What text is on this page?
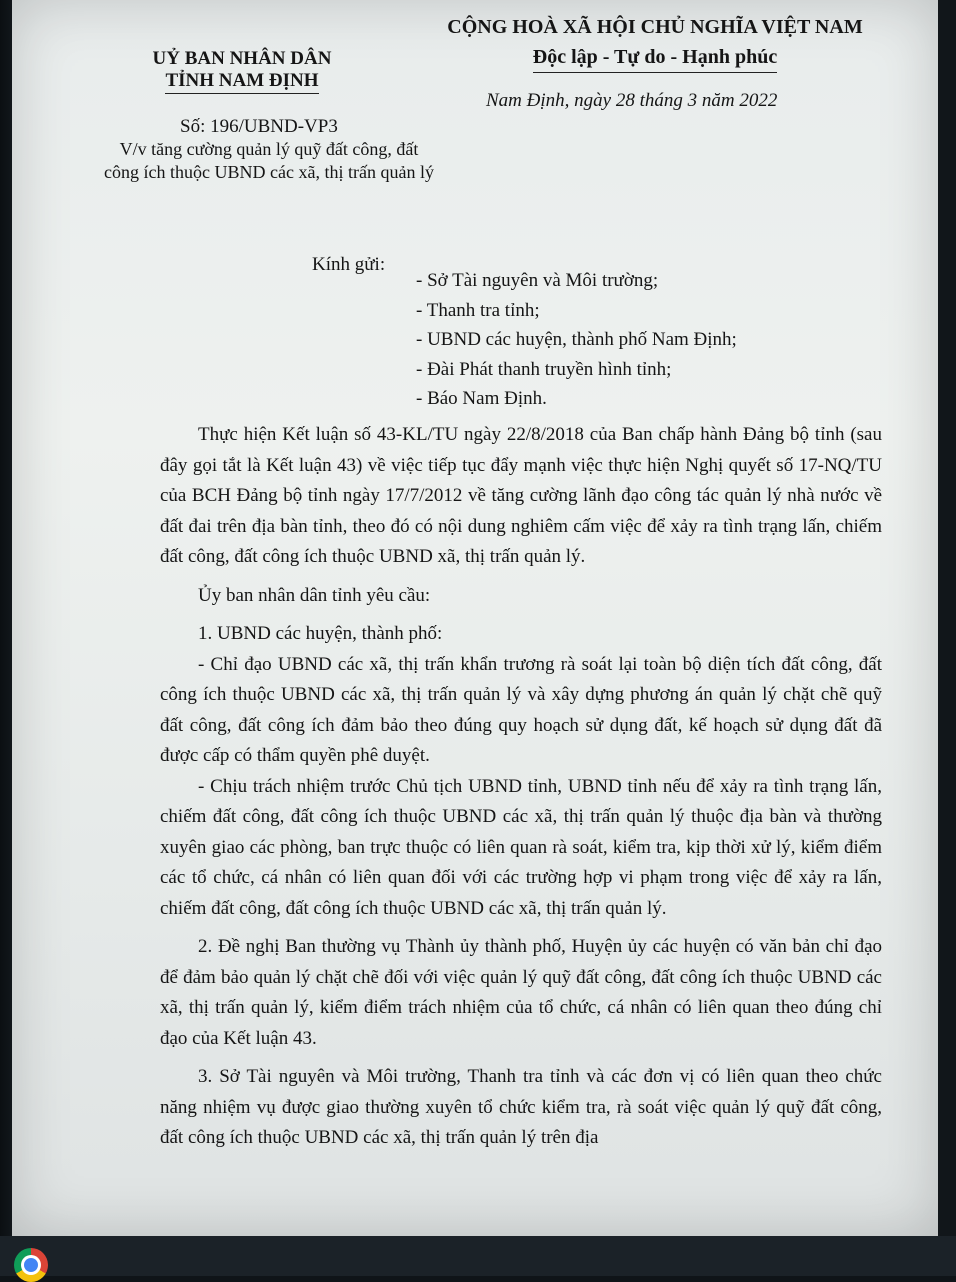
UỶ BAN NHÂN DÂN
TỈNH NAM ĐỊNH
CỘNG HOÀ XÃ HỘI CHỦ NGHĨA VIỆT NAM
Độc lập - Tự do - Hạnh phúc
Số: 196/UBND-VP3
V/v tăng cường quản lý quỹ đất công, đất công ích thuộc UBND các xã, thị trấn quản lý
Nam Định, ngày 28 tháng 3 năm 2022
Kính gửi:
- Sở Tài nguyên và Môi trường;
- Thanh tra tỉnh;
- UBND các huyện, thành phố Nam Định;
- Đài Phát thanh truyền hình tỉnh;
- Báo Nam Định.

Thực hiện Kết luận số 43-KL/TU ngày 22/8/2018 của Ban chấp hành Đảng bộ tỉnh (sau đây gọi tắt là Kết luận 43) về việc tiếp tục đẩy mạnh việc thực hiện Nghị quyết số 17-NQ/TU của BCH Đảng bộ tỉnh ngày 17/7/2012 về tăng cường lãnh đạo công tác quản lý nhà nước về đất đai trên địa bàn tỉnh, theo đó có nội dung nghiêm cấm việc để xảy ra tình trạng lấn, chiếm đất công, đất công ích thuộc UBND xã, thị trấn quản lý.

Ủy ban nhân dân tỉnh yêu cầu:

1. UBND các huyện, thành phố:

- Chỉ đạo UBND các xã, thị trấn khẩn trương rà soát lại toàn bộ diện tích đất công, đất công ích thuộc UBND các xã, thị trấn quản lý và xây dựng phương án quản lý chặt chẽ quỹ đất công, đất công ích đảm bảo theo đúng quy hoạch sử dụng đất, kế hoạch sử dụng đất đã được cấp có thẩm quyền phê duyệt.

- Chịu trách nhiệm trước Chủ tịch UBND tỉnh, UBND tỉnh nếu để xảy ra tình trạng lấn, chiếm đất công, đất công ích thuộc UBND các xã, thị trấn quản lý thuộc địa bàn và thường xuyên giao các phòng, ban trực thuộc có liên quan rà soát, kiểm tra, kịp thời xử lý, kiểm điểm các tổ chức, cá nhân có liên quan đối với các trường hợp vi phạm trong việc để xảy ra lấn, chiếm đất công, đất công ích thuộc UBND các xã, thị trấn quản lý.

2. Đề nghị Ban thường vụ Thành ủy thành phố, Huyện ủy các huyện có văn bản chỉ đạo để đảm bảo quản lý chặt chẽ đối với việc quản lý quỹ đất công, đất công ích thuộc UBND các xã, thị trấn quản lý, kiểm điểm trách nhiệm của tổ chức, cá nhân có liên quan theo đúng chỉ đạo của Kết luận 43.

3. Sở Tài nguyên và Môi trường, Thanh tra tỉnh và các đơn vị có liên quan theo chức năng nhiệm vụ được giao thường xuyên tổ chức kiểm tra, rà soát việc quản lý quỹ đất công, đất công ích thuộc UBND các xã, thị trấn quản lý trên địa
